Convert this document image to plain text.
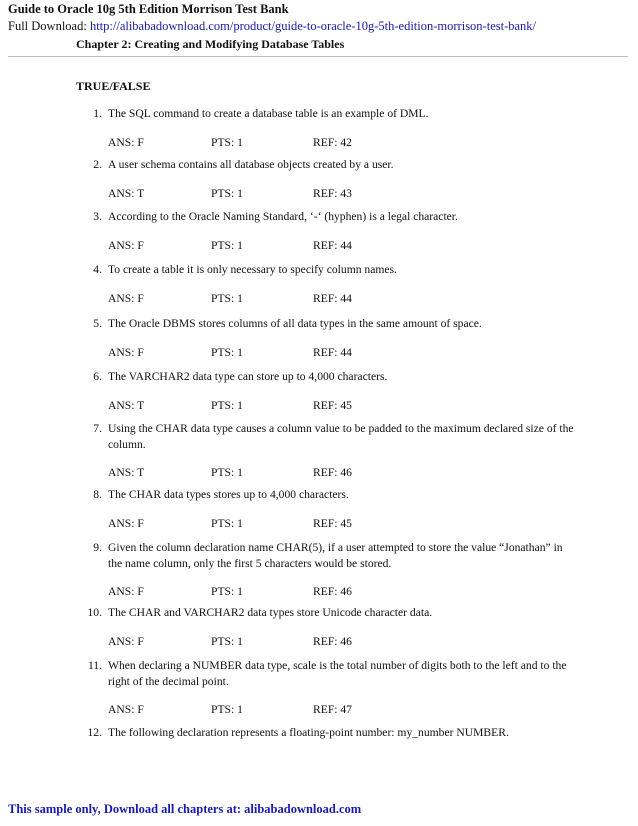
Guide to Oracle 10g 5th Edition Morrison Test Bank
Full Download: http://alibabadownload.com/product/guide-to-oracle-10g-5th-edition-morrison-test-bank/
Chapter 2: Creating and Modifying Database Tables
TRUE/FALSE
1. The SQL command to create a database table is an example of DML.
ANS: F	PTS: 1	REF: 42
2. A user schema contains all database objects created by a user.
ANS: T	PTS: 1	REF: 43
3. According to the Oracle Naming Standard, ‘-‘ (hyphen) is a legal character.
ANS: F	PTS: 1	REF: 44
4. To create a table it is only necessary to specify column names.
ANS: F	PTS: 1	REF: 44
5. The Oracle DBMS stores columns of all data types in the same amount of space.
ANS: F	PTS: 1	REF: 44
6. The VARCHAR2 data type can store up to 4,000 characters.
ANS: T	PTS: 1	REF: 45
7. Using the CHAR data type causes a column value to be padded to the maximum declared size of the column.
ANS: T	PTS: 1	REF: 46
8. The CHAR data types stores up to 4,000 characters.
ANS: F	PTS: 1	REF: 45
9. Given the column declaration name CHAR(5), if a user attempted to store the value “Jonathan” in the name column, only the first 5 characters would be stored.
ANS: F	PTS: 1	REF: 46
10. The CHAR and VARCHAR2 data types store Unicode character data.
ANS: F	PTS: 1	REF: 46
11. When declaring a NUMBER data type, scale is the total number of digits both to the left and to the right of the decimal point.
ANS: F	PTS: 1	REF: 47
12. The following declaration represents a floating-point number: my_number NUMBER.
This sample only, Download all chapters at: alibabadownload.com
